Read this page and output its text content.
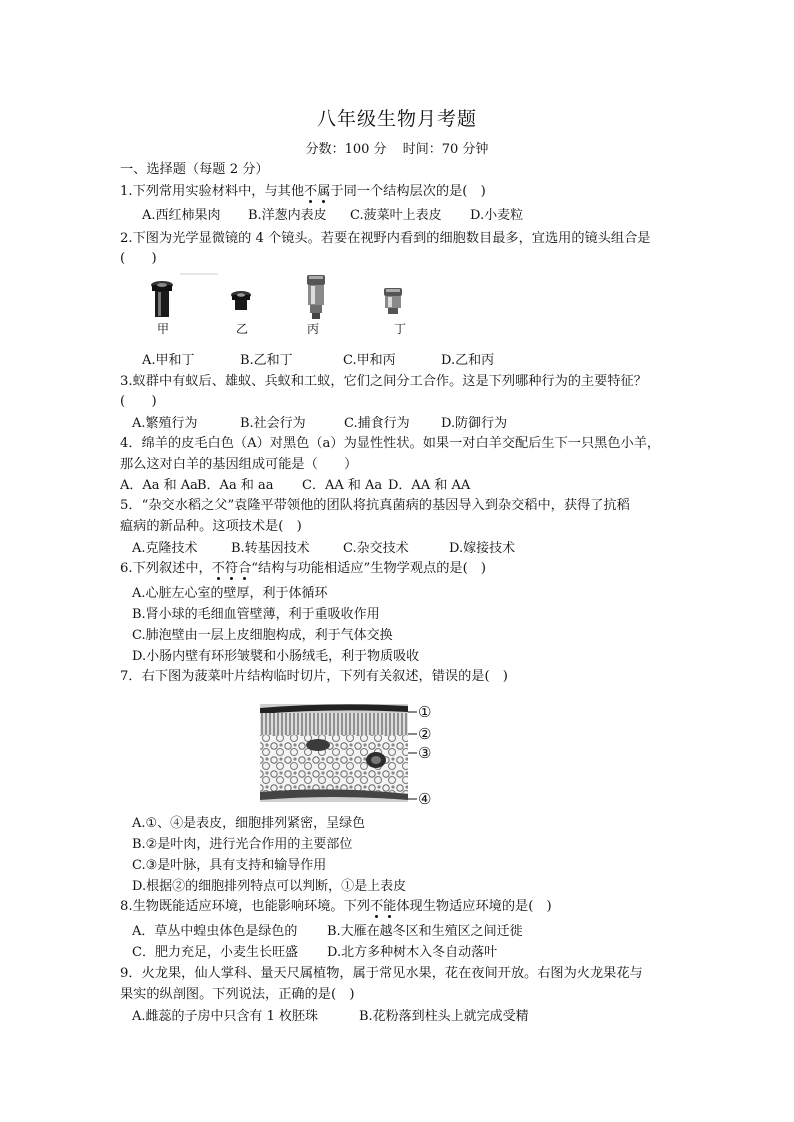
八年级生物月考题
分数：100 分 时间：70 分钟
一、选择题（每题 2 分）
1.下列常用实验材料中，与其他不属于同一个结构层次的是(　)
A.西红柿果肉 B.洋葱内表皮 C.菠菜叶上表皮 D.小麦粒
2.下图为光学显微镜的 4 个镜头。若要在视野内看到的细胞数目最多，宜选用的镜头组合是
(　　)
甲	乙	丙	丁
A.甲和丁	B.乙和丁	C.甲和丙	D.乙和丙
3.蚁群中有蚁后、雄蚁、兵蚁和工蚁，它们之间分工合作。这是下列哪种行为的主要特征？
(　　)
A.繁殖行为	B.社会行为	C.捕食行为 D.防御行为
4．绵羊的皮毛白色（A）对黑色（a）为显性性状。如果一对白羊交配后生下一只黑色小羊，
那么这对白羊的基因组成可能是（　　）
A．Aa 和 Aa B．Aa 和 aa C．AA 和 Aa D．AA 和 AA
5．“杂交水稻之父”袁隆平带领他的团队将抗真菌病的基因导入到杂交稻中，获得了抗稻
瘟病的新品种。这项技术是(　)
A.克隆技术	B.转基因技术	C.杂交技术	D.嫁接技术
6.下列叙述中，不符合“结构与功能相适应”生物学观点的是(　)
A.心脏左心室的壁厚，利于体循环
B.肾小球的毛细血管壁薄，利于重吸收作用
C.肺泡壁由一层上皮细胞构成，利于气体交换
D.小肠内壁有环形皱襞和小肠绒毛，利于物质吸收
7．右下图为菠菜叶片结构临时切片，下列有关叙述，错误的是(　)
①
②
③
④
A.①、④是表皮，细胞排列紧密，呈绿色
B.②是叶肉，进行光合作用的主要部位
C.③是叶脉，具有支持和输导作用
D.根据②的细胞排列特点可以判断，①是上表皮
8.生物既能适应环境，也能影响环境。下列不能体现生物适应环境的是(　)
A．草丛中蝗虫体色是绿色的 B.大雁在越冬区和生殖区之间迁徙
C．肥力充足，小麦生长旺盛 D.北方多种树木入冬自动落叶
9．火龙果，仙人掌科、量天尺属植物，属于常见水果，花在夜间开放。右图为火龙果花与
果实的纵剖图。下列说法，正确的是(　)
A.雌蕊的子房中只含有 1 枚胚珠	B.花粉落到柱头上就完成受精
